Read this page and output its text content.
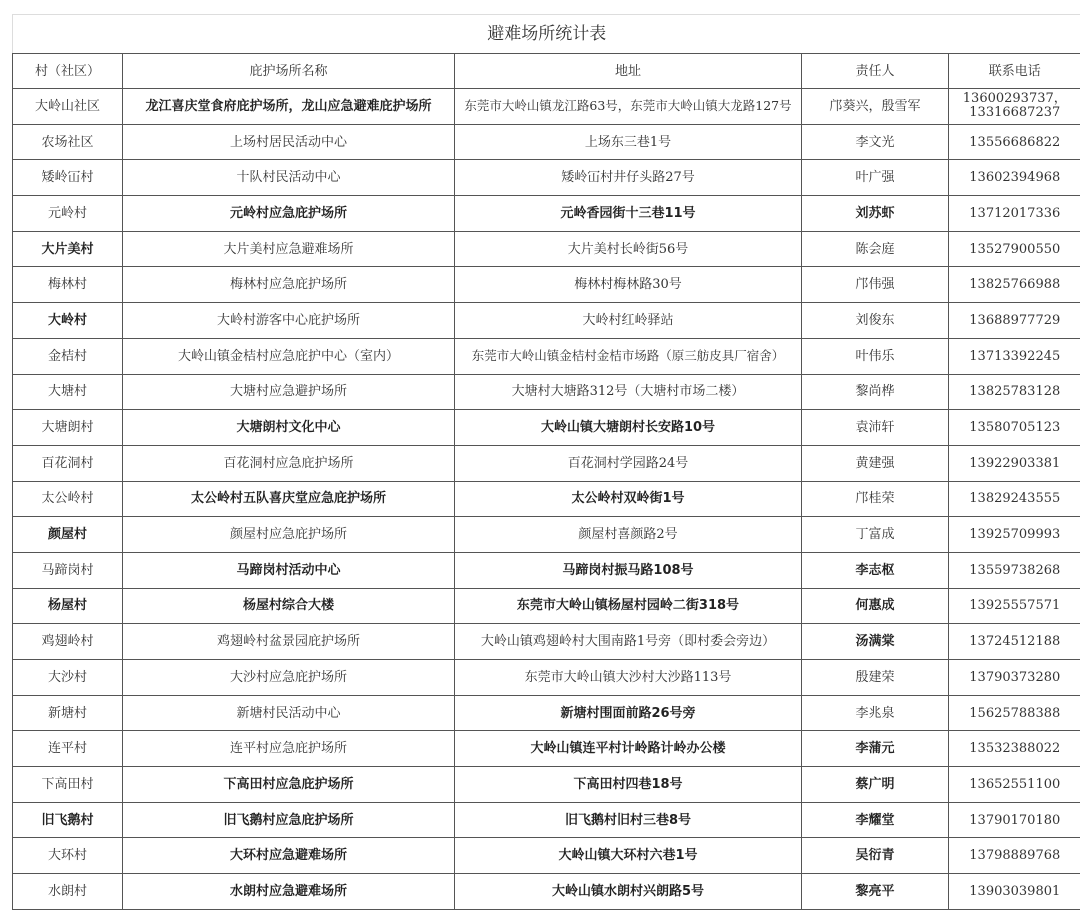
避难场所统计表				
村（社区）	庇护场所名称	地址	责任人	联系电话
大岭山社区	龙江喜庆堂食府庇护场所，龙山应急避难庇护场所	东莞市大岭山镇龙江路63号，东莞市大岭山镇大龙路127号	邝葵兴，殷雪军	13600293737，13316687237
农场社区	上场村居民活动中心	上场东三巷1号	李文光	13556686822
矮岭冚村	十队村民活动中心	矮岭冚村井仔头路27号	叶广强	13602394968
元岭村	元岭村应急庇护场所	元岭香园街十三巷11号	刘苏虾	13712017336
大片美村	大片美村应急避难场所	大片美村长岭街56号	陈会庭	13527900550
梅林村	梅林村应急庇护场所	梅林村梅林路30号	邝伟强	13825766988
大岭村	大岭村游客中心庇护场所	大岭村红岭驿站	刘俊东	13688977729
金桔村	大岭山镇金桔村应急庇护中心（室内）	东莞市大岭山镇金桔村金桔市场路（原三舫皮具厂宿舍）	叶伟乐	13713392245
大塘村	大塘村应急避护场所	大塘村大塘路312号（大塘村市场二楼）	黎尚桦	13825783128
大塘朗村	大塘朗村文化中心	大岭山镇大塘朗村长安路10号	袁沛轩	13580705123
百花洞村	百花洞村应急庇护场所	百花洞村学园路24号	黄建强	13922903381
太公岭村	太公岭村五队喜庆堂应急庇护场所	太公岭村双岭街1号	邝桂荣	13829243555
颜屋村	颜屋村应急庇护场所	颜屋村喜颜路2号	丁富成	13925709993
马蹄岗村	马蹄岗村活动中心	马蹄岗村振马路108号	李志枢	13559738268
杨屋村	杨屋村综合大楼	东莞市大岭山镇杨屋村园岭二街318号	何惠成	13925557571
鸡翅岭村	鸡翅岭村盆景园庇护场所	大岭山镇鸡翅岭村大围南路1号旁（即村委会旁边）	汤满棠	13724512188
大沙村	大沙村应急庇护场所	东莞市大岭山镇大沙村大沙路113号	殷建荣	13790373280
新塘村	新塘村民活动中心	新塘村围面前路26号旁	李兆泉	15625788388
连平村	连平村应急庇护场所	大岭山镇连平村计岭路计岭办公楼	李蒲元	13532388022
下高田村	下高田村应急庇护场所	下高田村四巷18号	蔡广明	13652551100
旧飞鹅村	旧飞鹅村应急庇护场所	旧飞鹅村旧村三巷8号	李耀堂	13790170180
大环村	大环村应急避难场所	大岭山镇大环村六巷1号	吴衍青	13798889768
水朗村	水朗村应急避难场所	大岭山镇水朗村兴朗路5号	黎亮平	13903039801
